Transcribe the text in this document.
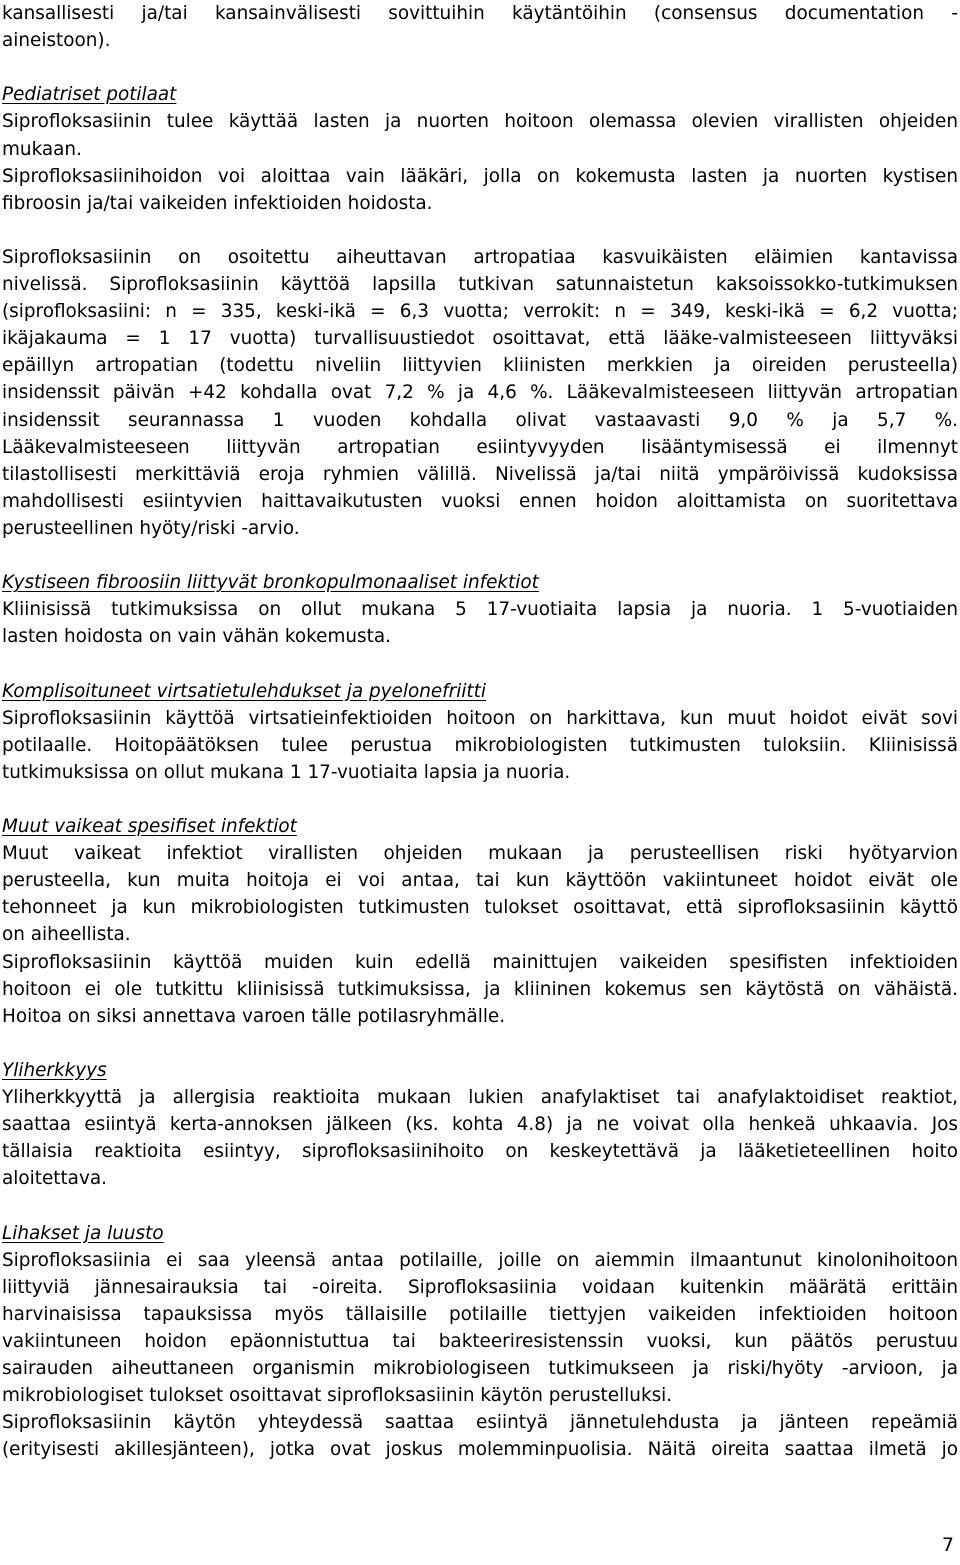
kansallisesti ja/tai kansainvälisesti sovittuihin käytäntöihin (consensus documentation -
aineistoon).
Pediatriset potilaat
Siprofloksasiinin tulee käyttää lasten ja nuorten hoitoon olemassa olevien virallisten ohjeiden
mukaan.
Siprofloksasiinihoidon voi aloittaa vain lääkäri, jolla on kokemusta lasten ja nuorten kystisen
fibroosin ja/tai vaikeiden infektioiden hoidosta.
Siprofloksasiinin on osoitettu aiheuttavan artropatiaa kasvuikäisten eläimien kantavissa
nivelissä. Siprofloksasiinin käyttöä lapsilla tutkivan satunnaistetun kaksoissokko-tutkimuksen
(siprofloksasiini: n = 335, keski-ikä = 6,3 vuotta; verrokit: n = 349, keski-ikä = 6,2 vuotta;
ikäjakauma = 1 17 vuotta) turvallisuustiedot osoittavat, että lääke-valmisteeseen liittyväksi
epäillyn artropatian (todettu niveliin liittyvien kliinisten merkkien ja oireiden perusteella)
insidenssit päivän +42 kohdalla ovat 7,2 % ja 4,6 %. Lääkevalmisteeseen liittyvän artropatian
insidenssit seurannassa 1 vuoden kohdalla olivat vastaavasti 9,0 % ja 5,7 %.
Lääkevalmisteeseen liittyvän artropatian esiintyvyyden lisääntymisessä ei ilmennyt
tilastollisesti merkittäviä eroja ryhmien välillä. Nivelissä ja/tai niitä ympäröivissä kudoksissa
mahdollisesti esiintyvien haittavaikutusten vuoksi ennen hoidon aloittamista on suoritettava
perusteellinen hyöty/riski -arvio.
Kystiseen fibroosiin liittyvät bronkopulmonaaliset infektiot
Kliinisissä tutkimuksissa on ollut mukana 5 17-vuotiaita lapsia ja nuoria. 1 5-vuotiaiden
lasten hoidosta on vain vähän kokemusta.
Komplisoituneet virtsatietulehdukset ja pyelonefriitti
Siprofloksasiinin käyttöä virtsatieinfektioiden hoitoon on harkittava, kun muut hoidot eivät sovi
potilaalle. Hoitopäätöksen tulee perustua mikrobiologisten tutkimusten tuloksiin. Kliinisissä
tutkimuksissa on ollut mukana 1 17-vuotiaita lapsia ja nuoria.
Muut vaikeat spesifiset infektiot
Muut vaikeat infektiot virallisten ohjeiden mukaan ja perusteellisen riski hyötyarvion
perusteella, kun muita hoitoja ei voi antaa, tai kun käyttöön vakiintuneet hoidot eivät ole
tehonneet ja kun mikrobiologisten tutkimusten tulokset osoittavat, että siprofloksasiinin käyttö
on aiheellista.
Siprofloksasiinin käyttöä muiden kuin edellä mainittujen vaikeiden spesifisten infektioiden
hoitoon ei ole tutkittu kliinisissä tutkimuksissa, ja kliininen kokemus sen käytöstä on vähäistä.
Hoitoa on siksi annettava varoen tälle potilasryhmälle.
Yliherkkyys
Yliherkkyyttä ja allergisia reaktioita mukaan lukien anafylaktiset tai anafylaktoidiset reaktiot,
saattaa esiintyä kerta-annoksen jälkeen (ks. kohta 4.8) ja ne voivat olla henkeä uhkaavia. Jos
tällaisia reaktioita esiintyy, siprofloksasiinihoito on keskeytettävä ja lääketieteellinen hoito
aloitettava.
Lihakset ja luusto
Siprofloksasiinia ei saa yleensä antaa potilaille, joille on aiemmin ilmaantunut kinolonihoitoon
liittyviä jännesairauksia tai -oireita. Siprofloksasiinia voidaan kuitenkin määrätä erittäin
harvinaisissa tapauksissa myös tällaisille potilaille tiettyjen vaikeiden infektioiden hoitoon
vakiintuneen hoidon epäonnistuttua tai bakteeriresistenssin vuoksi, kun päätös perustuu
sairauden aiheuttaneen organismin mikrobiologiseen tutkimukseen ja riski/hyöty -arvioon, ja
mikrobiologiset tulokset osoittavat siprofloksasiinin käytön perustelluksi.
Siprofloksasiinin käytön yhteydessä saattaa esiintyä jännetulehdusta ja jänteen repeämiä
(erityisesti akillesjänteen), jotka ovat joskus molemminpuolisia. Näitä oireita saattaa ilmetä jo
7
